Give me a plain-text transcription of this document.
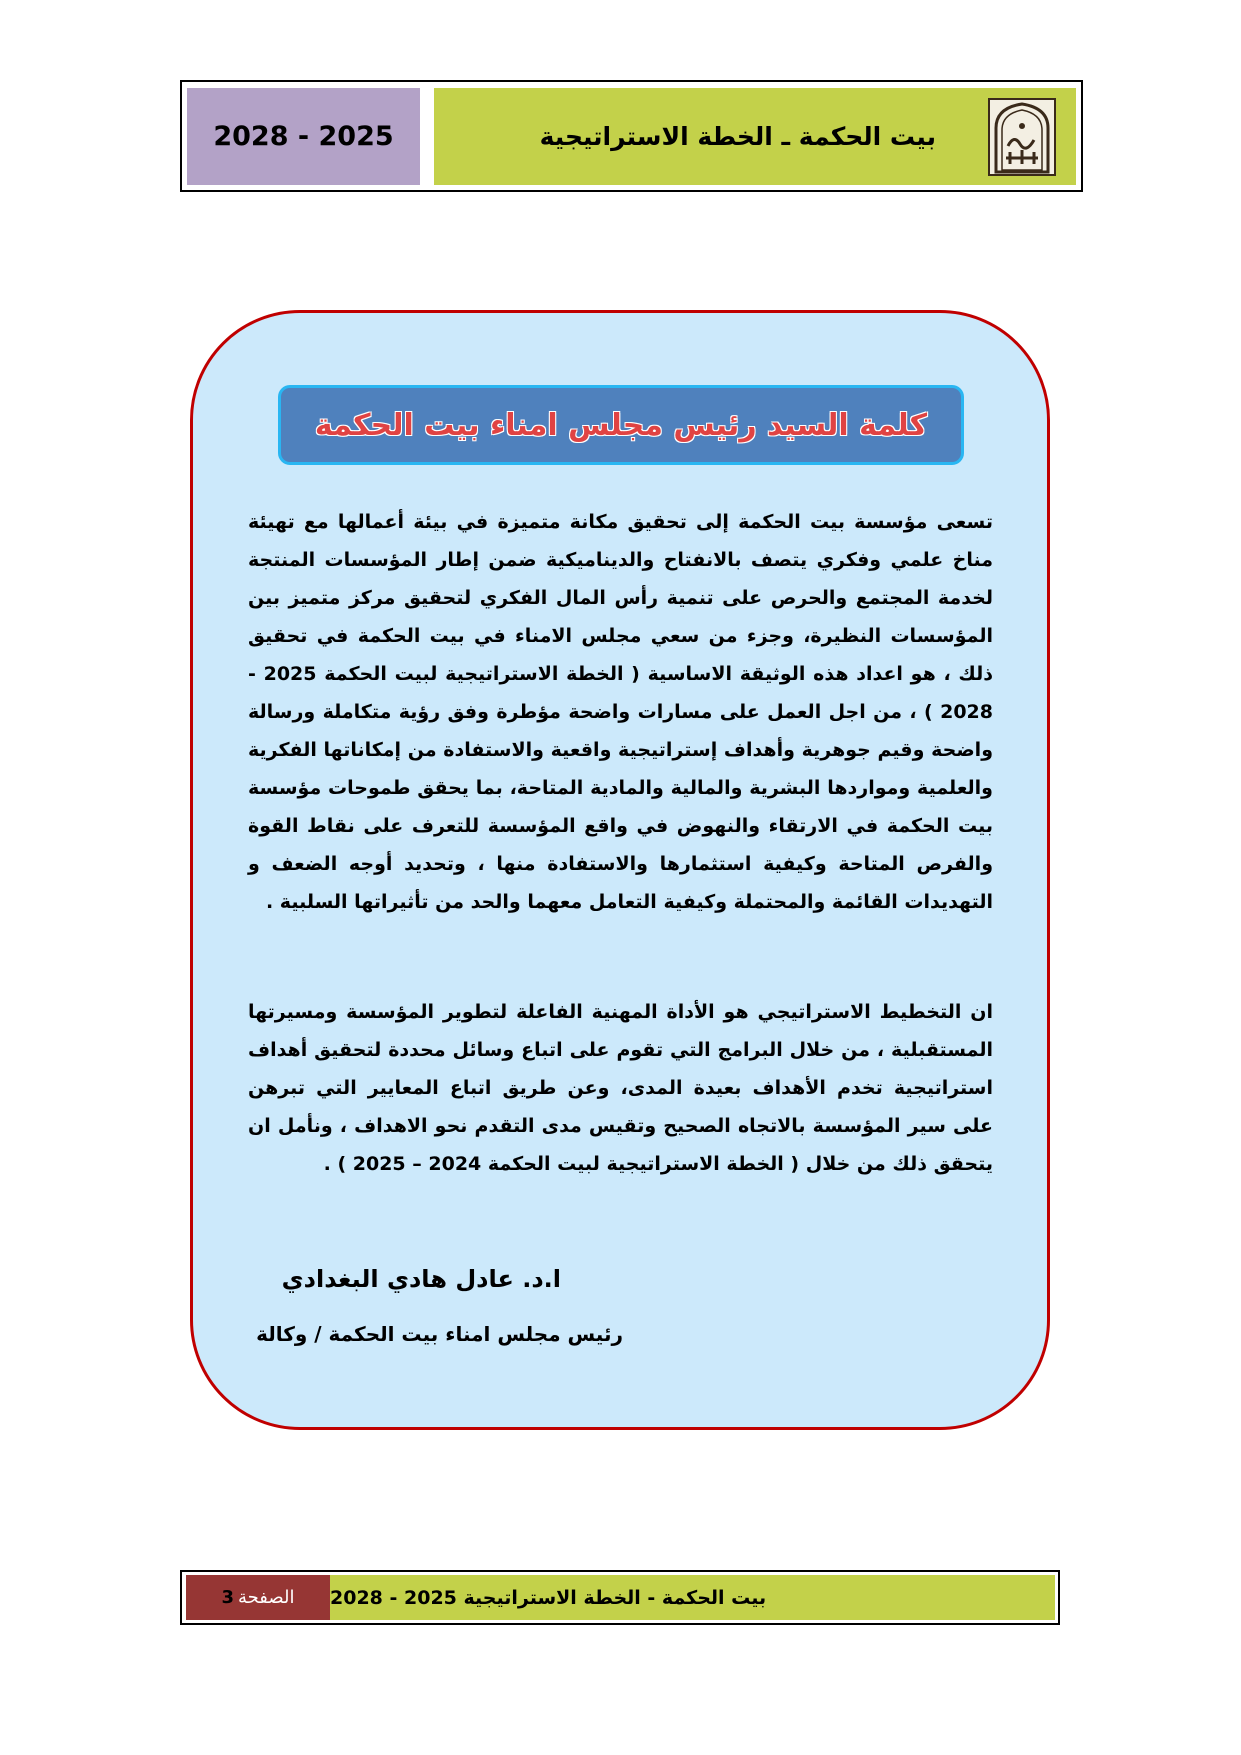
2028 - 2025	بيت الحكمة ـ الخطة الاستراتيجية
كلمة السيد رئيس مجلس امناء بيت الحكمة
تسعى مؤسسة بيت الحكمة إلى تحقيق مكانة متميزة في بيئة أعمالها مع تهيئة مناخ علمي وفكري يتصف بالانفتاح والديناميكية ضمن إطار المؤسسات المنتجة لخدمة المجتمع والحرص على تنمية رأس المال الفكري لتحقيق مركز متميز بين المؤسسات النظيرة، وجزء من سعي مجلس الامناء في بيت الحكمة في تحقيق ذلك ، هو اعداد هذه الوثيقة الاساسية ( الخطة الاستراتيجية لبيت الحكمة 2025 - 2028 ) ، من اجل العمل على مسارات واضحة مؤطرة وفق رؤية متكاملة ورسالة واضحة وقيم جوهرية وأهداف إستراتيجية واقعية والاستفادة من إمكاناتها الفكرية والعلمية ومواردها البشرية والمالية والمادية المتاحة، بما يحقق طموحات مؤسسة بيت الحكمة في الارتقاء والنهوض في واقع المؤسسة للتعرف على نقاط القوة والفرص المتاحة وكيفية استثمارها والاستفادة منها ، وتحديد أوجه الضعف و التهديدات القائمة والمحتملة وكيفية التعامل معهما والحد من تأثيراتها السلبية .
ان التخطيط الاستراتيجي هو الأداة المهنية الفاعلة لتطوير المؤسسة ومسيرتها المستقبلية ، من خلال البرامج التي تقوم على اتباع وسائل محددة لتحقيق أهداف استراتيجية تخدم الأهداف بعيدة المدى، وعن طريق اتباع المعايير التي تبرهن على سير المؤسسة بالاتجاه الصحيح وتقيس مدى التقدم نحو الاهداف ، ونأمل ان يتحقق ذلك من خلال ( الخطة الاستراتيجية لبيت الحكمة 2024 – 2025 ) .
ا.د. عادل هادي البغدادي
رئيس مجلس امناء بيت الحكمة / وكالة
الصفحة
3	بيت الحكمة - الخطة الاستراتيجية 2025 - 2028
